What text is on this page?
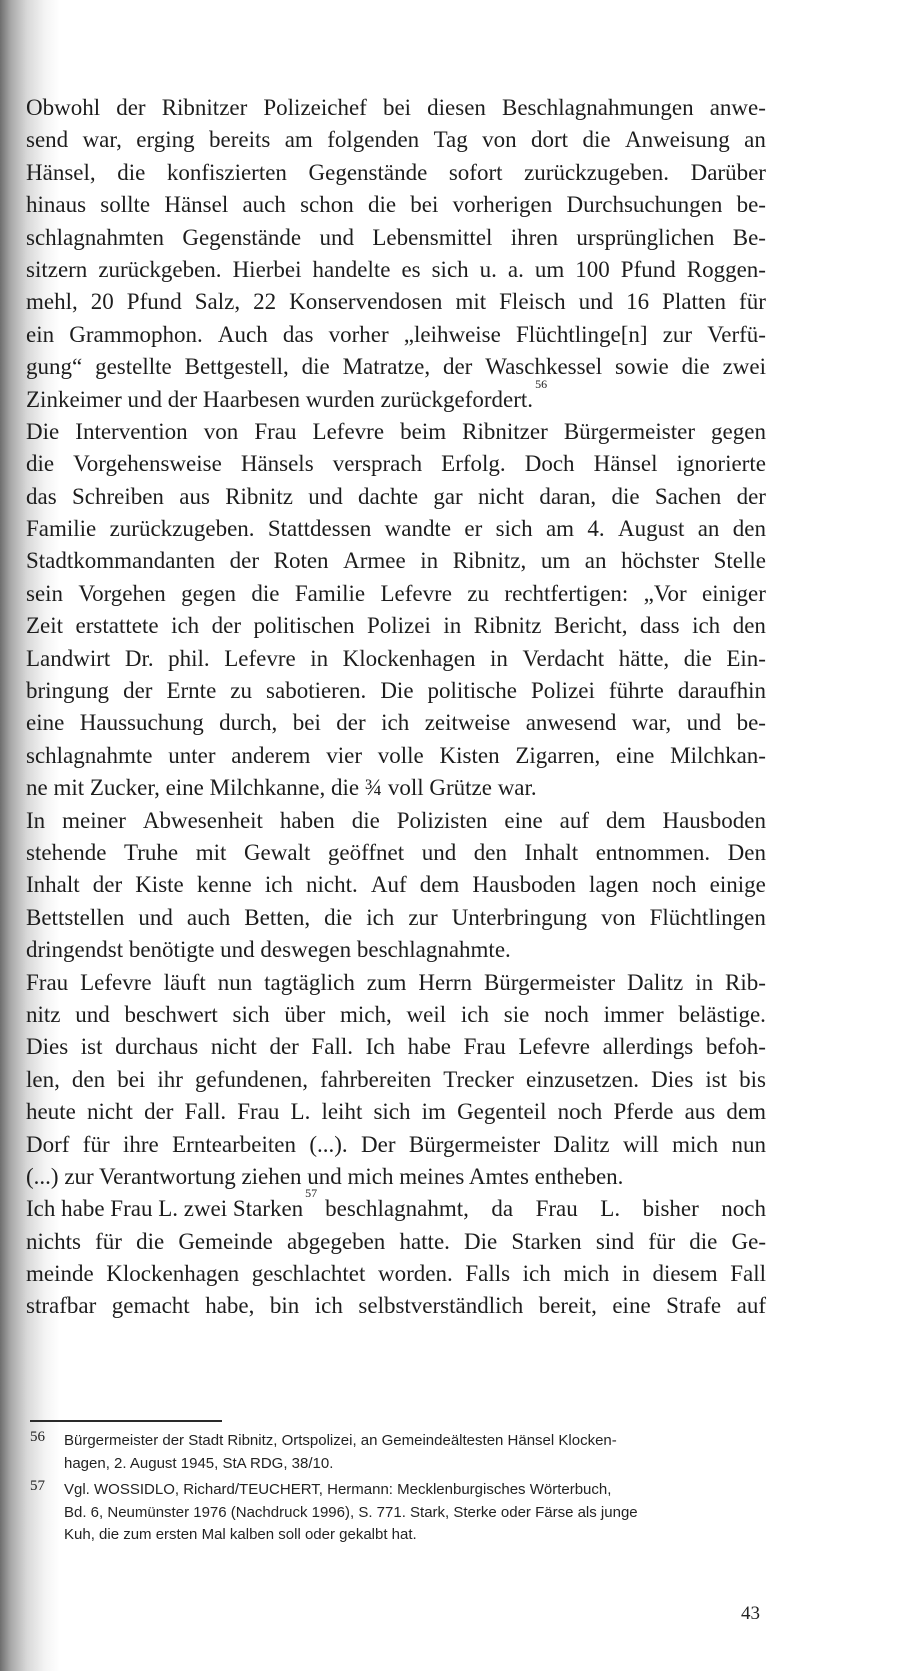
Obwohl der Ribnitzer Polizeichef bei diesen Beschlagnahmungen anwe-
send war, erging bereits am folgenden Tag von dort die Anweisung an
Hänsel, die konfiszierten Gegenstände sofort zurückzugeben. Darüber
hinaus sollte Hänsel auch schon die bei vorherigen Durchsuchungen be-
schlagnahmten Gegenstände und Lebensmittel ihren ursprünglichen Be-
sitzern zurückgeben. Hierbei handelte es sich u. a. um 100 Pfund Roggen-
mehl, 20 Pfund Salz, 22 Konservendosen mit Fleisch und 16 Platten für
ein Grammophon. Auch das vorher „leihweise Flüchtlinge[n] zur Verfü-
gung“ gestellte Bettgestell, die Matratze, der Waschkessel sowie die zwei
Zinkeimer und der Haarbesen wurden zurückgefordert.
56
Die Intervention von Frau Lefevre beim Ribnitzer Bürgermeister gegen
die Vorgehensweise Hänsels versprach Erfolg. Doch Hänsel ignorierte
das Schreiben aus Ribnitz und dachte gar nicht daran, die Sachen der
Familie zurückzugeben. Stattdessen wandte er sich am 4. August an den
Stadtkommandanten der Roten Armee in Ribnitz, um an höchster Stelle
sein Vorgehen gegen die Familie Lefevre zu rechtfertigen: „Vor einiger
Zeit erstattete ich der politischen Polizei in Ribnitz Bericht, dass ich den
Landwirt Dr. phil. Lefevre in Klockenhagen in Verdacht hätte, die Ein-
bringung der Ernte zu sabotieren. Die politische Polizei führte daraufhin
eine Haussuchung durch, bei der ich zeitweise anwesend war, und be-
schlagnahmte unter anderem vier volle Kisten Zigarren, eine Milchkan-
ne mit Zucker, eine Milchkanne, die ¾ voll Grütze war.
In meiner Abwesenheit haben die Polizisten eine auf dem Hausboden
stehende Truhe mit Gewalt geöffnet und den Inhalt entnommen. Den
Inhalt der Kiste kenne ich nicht. Auf dem Hausboden lagen noch einige
Bettstellen und auch Betten, die ich zur Unterbringung von Flüchtlingen
dringendst benötigte und deswegen beschlagnahmte.
Frau Lefevre läuft nun tagtäglich zum Herrn Bürgermeister Dalitz in Rib-
nitz und beschwert sich über mich, weil ich sie noch immer belästige.
Dies ist durchaus nicht der Fall. Ich habe Frau Lefevre allerdings befoh-
len, den bei ihr gefundenen, fahrbereiten Trecker einzusetzen. Dies ist bis
heute nicht der Fall. Frau L. leiht sich im Gegenteil noch Pferde aus dem
Dorf für ihre Erntearbeiten (...). Der Bürgermeister Dalitz will mich nun
(...) zur Verantwortung ziehen und mich meines Amtes entheben.
Ich habe Frau L. zwei Starken
57
beschlagnahmt, da Frau L. bisher noch
nichts für die Gemeinde abgegeben hatte. Die Starken sind für die Ge-
meinde Klockenhagen geschlachtet worden. Falls ich mich in diesem Fall
strafbar gemacht habe, bin ich selbstverständlich bereit, eine Strafe auf
56 Bürgermeister der Stadt Ribnitz, Ortspolizei, an Gemeindeältesten Hänsel Klocken-
hagen, 2. August 1945, StA RDG, 38/10.
57 Vgl. WOSSIDLO, Richard/TEUCHERT, Hermann: Mecklenburgisches Wörterbuch,
Bd. 6, Neumünster 1976 (Nachdruck 1996), S. 771. Stark, Sterke oder Färse als junge
Kuh, die zum ersten Mal kalben soll oder gekalbt hat.
43
